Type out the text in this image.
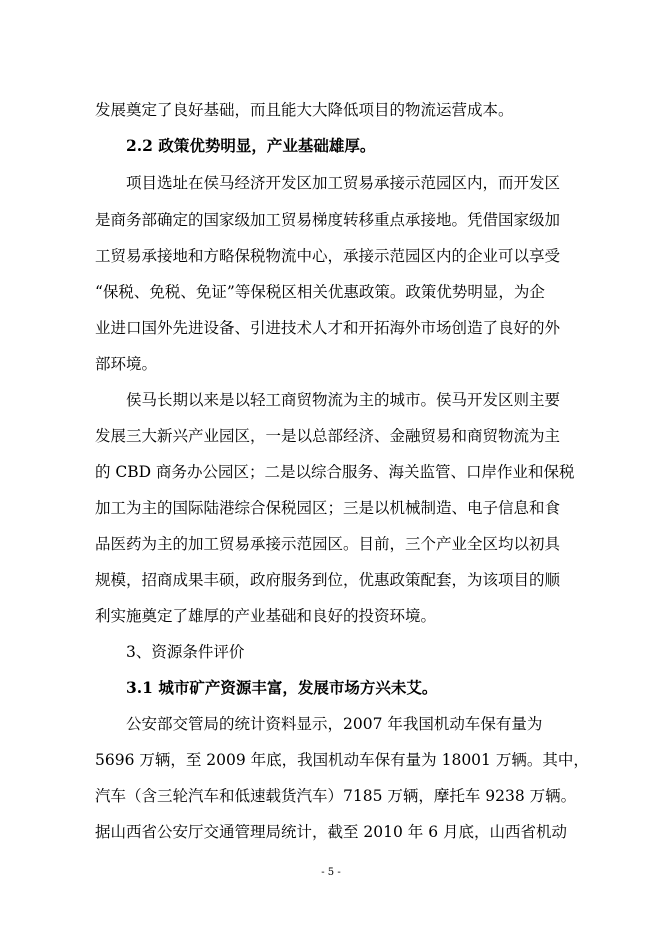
发展奠定了良好基础，而且能大大降低项目的物流运营成本。
2.2 政策优势明显，产业基础雄厚。
项目选址在侯马经济开发区加工贸易承接示范园区内，而开发区
是商务部确定的国家级加工贸易梯度转移重点承接地。凭借国家级加
工贸易承接地和方略保税物流中心，承接示范园区内的企业可以享受
“保税、免税、免证”等保税区相关优惠政策。政策优势明显，为企
业进口国外先进设备、引进技术人才和开拓海外市场创造了良好的外
部环境。
侯马长期以来是以轻工商贸物流为主的城市。侯马开发区则主要
发展三大新兴产业园区，一是以总部经济、金融贸易和商贸物流为主
的 CBD 商务办公园区；二是以综合服务、海关监管、口岸作业和保税
加工为主的国际陆港综合保税园区；三是以机械制造、电子信息和食
品医药为主的加工贸易承接示范园区。目前，三个产业全区均以初具
规模，招商成果丰硕，政府服务到位，优惠政策配套，为该项目的顺
利实施奠定了雄厚的产业基础和良好的投资环境。
3、资源条件评价
3.1 城市矿产资源丰富，发展市场方兴未艾。
公安部交管局的统计资料显示，2007 年我国机动车保有量为
5696 万辆，至 2009 年底，我国机动车保有量为 18001 万辆。其中，
汽车（含三轮汽车和低速载货汽车）7185 万辆，摩托车 9238 万辆。
据山西省公安厅交通管理局统计，截至 2010 年 6 月底，山西省机动
- 5 -
